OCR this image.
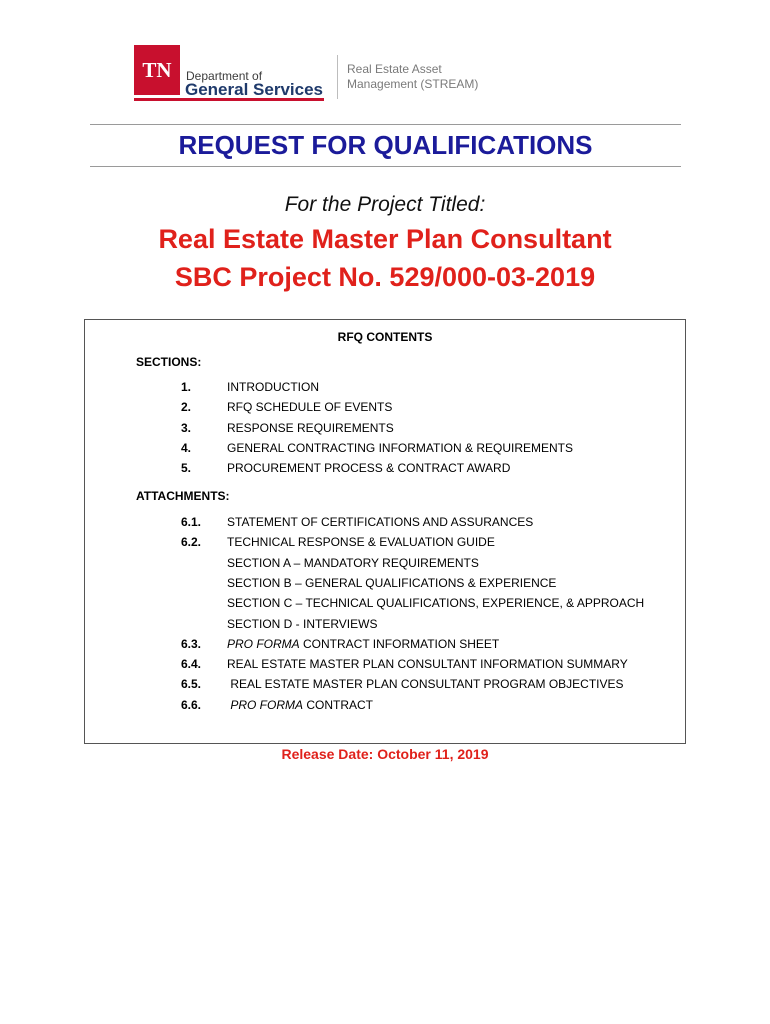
TN	Department of
General Services
Real Estate Asset
Management (STREAM)
REQUEST FOR QUALIFICATIONS
For the Project Titled:
Real Estate Master Plan Consultant
SBC Project No. 529/000-03-2019
RFQ CONTENTS
SECTIONS:
1.	INTRODUCTION
2.	RFQ SCHEDULE OF EVENTS
3.	RESPONSE REQUIREMENTS
4.	GENERAL CONTRACTING INFORMATION & REQUIREMENTS
5.	PROCUREMENT PROCESS & CONTRACT AWARD
ATTACHMENTS:
6.1. STATEMENT OF CERTIFICATIONS AND ASSURANCES
6.2. TECHNICAL RESPONSE & EVALUATION GUIDE
SECTION A – MANDATORY REQUIREMENTS
SECTION B – GENERAL QUALIFICATIONS & EXPERIENCE
SECTION C – TECHNICAL QUALIFICATIONS, EXPERIENCE, & APPROACH
SECTION D - INTERVIEWS
6.3. PRO FORMA CONTRACT INFORMATION SHEET
6.4. REAL ESTATE MASTER PLAN CONSULTANT INFORMATION SUMMARY
6.5. REAL ESTATE MASTER PLAN CONSULTANT PROGRAM OBJECTIVES
6.6. PRO FORMA CONTRACT
Release Date: October 11, 2019
